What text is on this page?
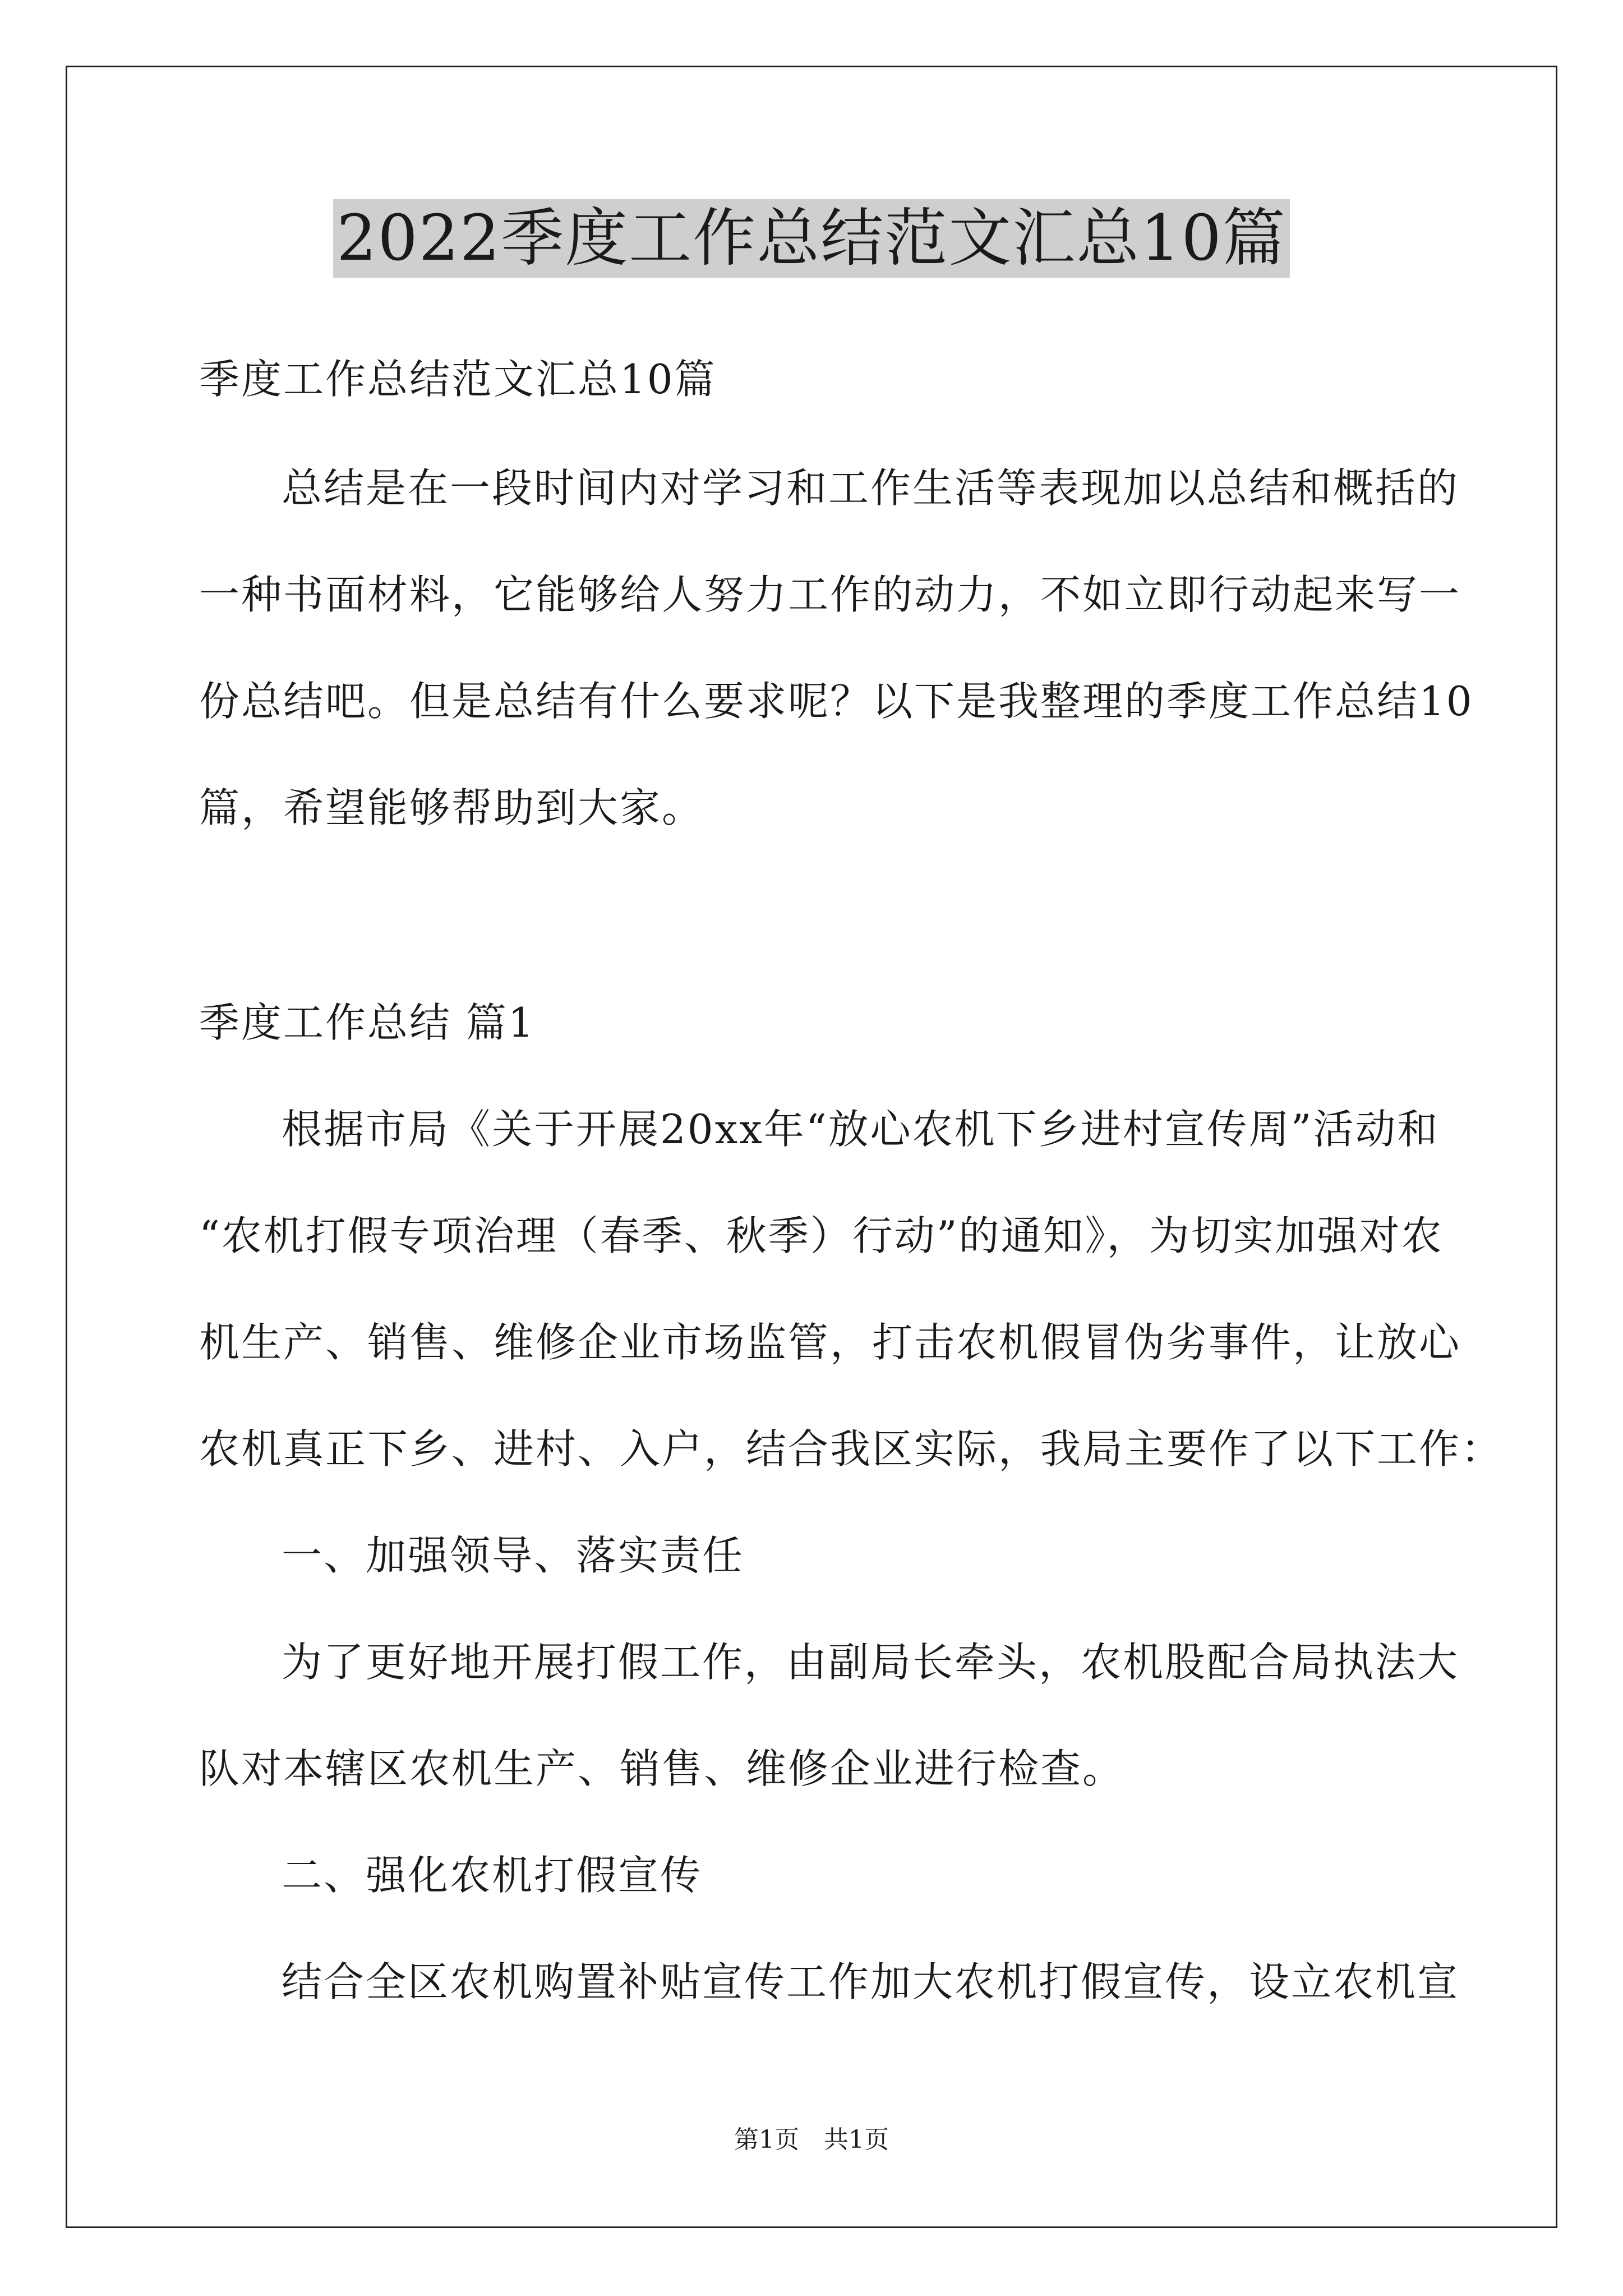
2022季度工作总结范文汇总10篇
季度工作总结范文汇总10篇
总结是在一段时间内对学习和工作生活等表现加以总结和概括的
一种书面材料，它能够给人努力工作的动力，不如立即行动起来写一
份总结吧。但是总结有什么要求呢？以下是我整理的季度工作总结10
篇，希望能够帮助到大家。
季度工作总结 篇1
根据市局《关于开展20xx年“放心农机下乡进村宣传周”活动和
“农机打假专项治理（春季、秋季）行动”的通知》，为切实加强对农
机生产、销售、维修企业市场监管，打击农机假冒伪劣事件，让放心
农机真正下乡、进村、入户，结合我区实际，我局主要作了以下工作：
一、加强领导、落实责任
为了更好地开展打假工作，由副局长牵头，农机股配合局执法大
队对本辖区农机生产、销售、维修企业进行检查。
二、强化农机打假宣传
结合全区农机购置补贴宣传工作加大农机打假宣传，设立农机宣
第1页　共1页
